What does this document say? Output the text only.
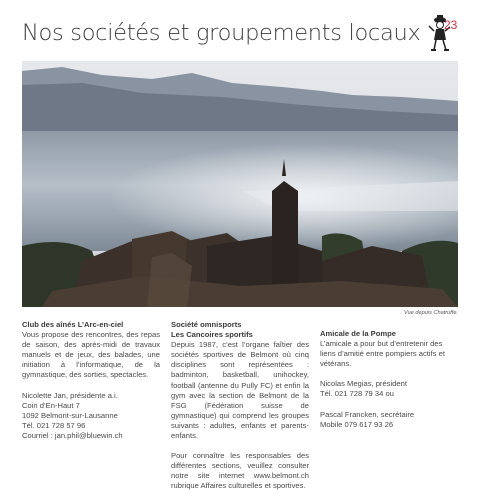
Nos sociétés et groupements locaux 23
Vue depuis Chatruffe.
Club des aînés L’Arc-en-ciel

Vous propose des rencontres, des repas de saison, des après-midi de travaux manuels et de jeux, des balades, une initiation à l’informatique, de la gymnastique, des sorties, spectacles.

Nicolette Jan, présidente a.i.
Coin d’En-Haut 7
1092 Belmont-sur-Lausanne
Tél. 021 728 57 96
Courriel : jan.phil@bluewin.ch
Société omnisports
Les Cancoires sportifs

Depuis 1987, c’est l’organe faîtier des sociétés sportives de Belmont où cinq disciplines sont représentées : badminton, basketball, unihockey, football (antenne du Pully FC) et enfin la gym avec la section de Belmont de la FSG (Fédération suisse de gymnastique) qui comprend les groupes suivants : adultes, enfants et parents-enfants.

Pour connaître les responsables des différentes sections, veuillez consulter notre site internet www.belmont.ch rubrique Affaires culturelles et sportives.

Amicale de la Pompe

L’amicale a pour but d’entretenir des liens d’amitié entre pompiers actifs et vétérans.

Nicolas Megias, président
Tél. 021 728 79 34 ou
Pascal Francken, secrétaire
Mobile 079 617 93 26
